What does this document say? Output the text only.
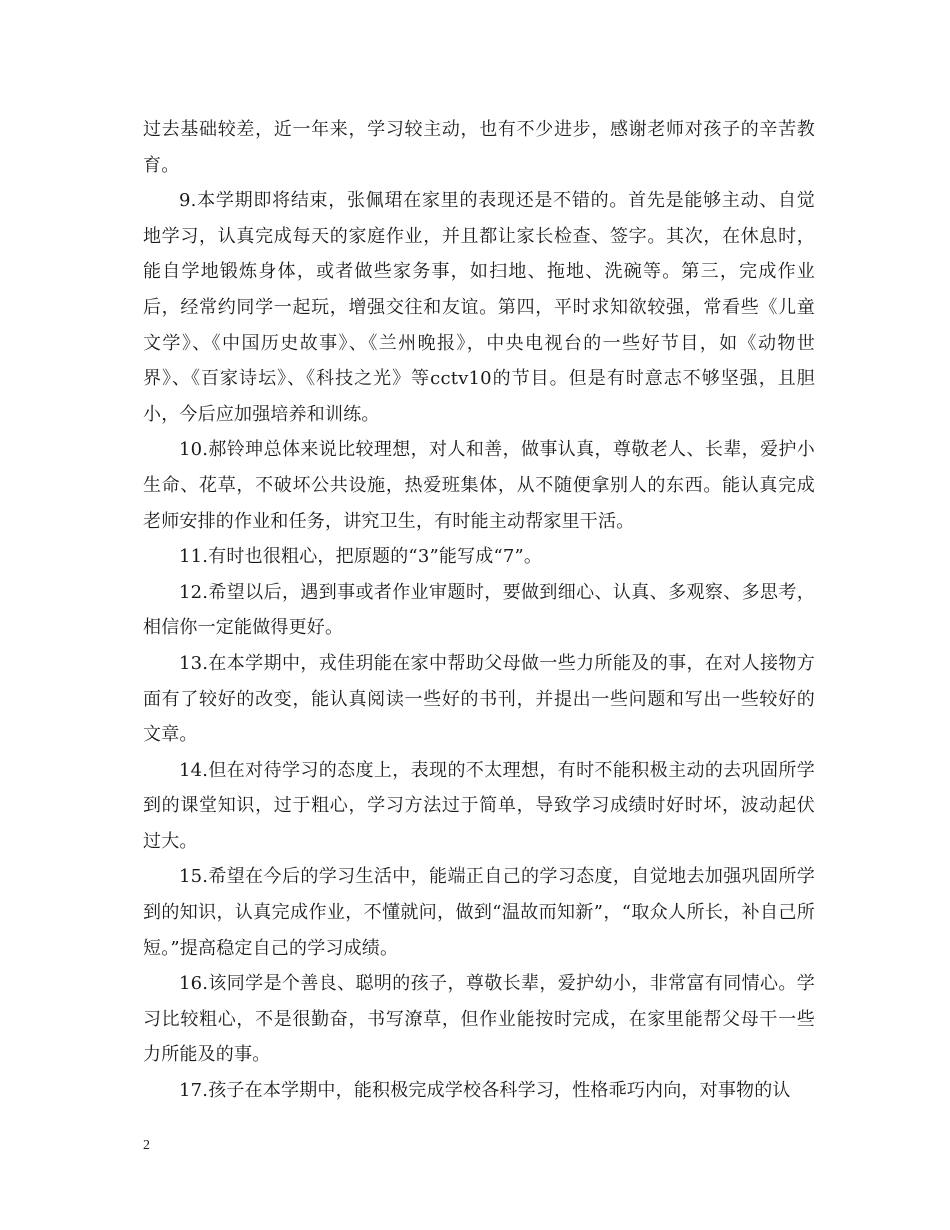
过去基础较差，近一年来，学习较主动，也有不少进步，感谢老师对孩子的辛苦教育。

9.本学期即将结束，张佩珺在家里的表现还是不错的。首先是能够主动、自觉地学习，认真完成每天的家庭作业，并且都让家长检查、签字。其次，在休息时，能自学地锻炼身体，或者做些家务事，如扫地、拖地、洗碗等。第三，完成作业后，经常约同学一起玩，增强交往和友谊。第四，平时求知欲较强，常看些《儿童文学》、《中国历史故事》、《兰州晚报》，中央电视台的一些好节目，如《动物世界》、《百家诗坛》、《科技之光》等cctv10的节目。但是有时意志不够坚强，且胆小，今后应加强培养和训练。

10.郝铃珅总体来说比较理想，对人和善，做事认真，尊敬老人、长辈，爱护小生命、花草，不破坏公共设施，热爱班集体，从不随便拿别人的东西。能认真完成老师安排的作业和任务，讲究卫生，有时能主动帮家里干活。

11.有时也很粗心，把原题的“3”能写成“7”。

12.希望以后，遇到事或者作业审题时，要做到细心、认真、多观察、多思考，相信你一定能做得更好。

13.在本学期中，戎佳玥能在家中帮助父母做一些力所能及的事，在对人接物方面有了较好的改变，能认真阅读一些好的书刊，并提出一些问题和写出一些较好的文章。

14.但在对待学习的态度上，表现的不太理想，有时不能积极主动的去巩固所学到的课堂知识，过于粗心，学习方法过于简单，导致学习成绩时好时坏，波动起伏过大。

15.希望在今后的学习生活中，能端正自己的学习态度，自觉地去加强巩固所学到的知识，认真完成作业，不懂就问，做到“温故而知新”，“取众人所长，补自己所短。”提高稳定自己的学习成绩。

16.该同学是个善良、聪明的孩子，尊敬长辈，爱护幼小，非常富有同情心。学习比较粗心，不是很勤奋，书写潦草，但作业能按时完成，在家里能帮父母干一些力所能及的事。

17.孩子在本学期中，能积极完成学校各科学习，性格乖巧内向，对事物的认

2
